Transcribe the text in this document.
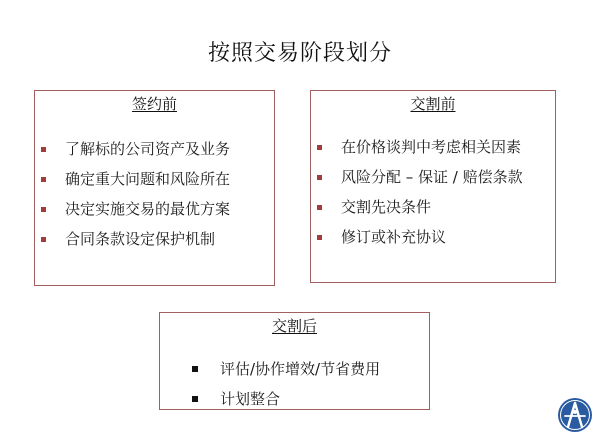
按照交易阶段划分
签约前
了解标的公司资产及业务
确定重大问题和风险所在
决定实施交易的最优方案
合同条款设定保护机制
交割前
在价格谈判中考虑相关因素
风险分配 – 保证 / 赔偿条款
交割先决条件
修订或补充协议
交割后
评估/协作增效/节省费用
计划整合
